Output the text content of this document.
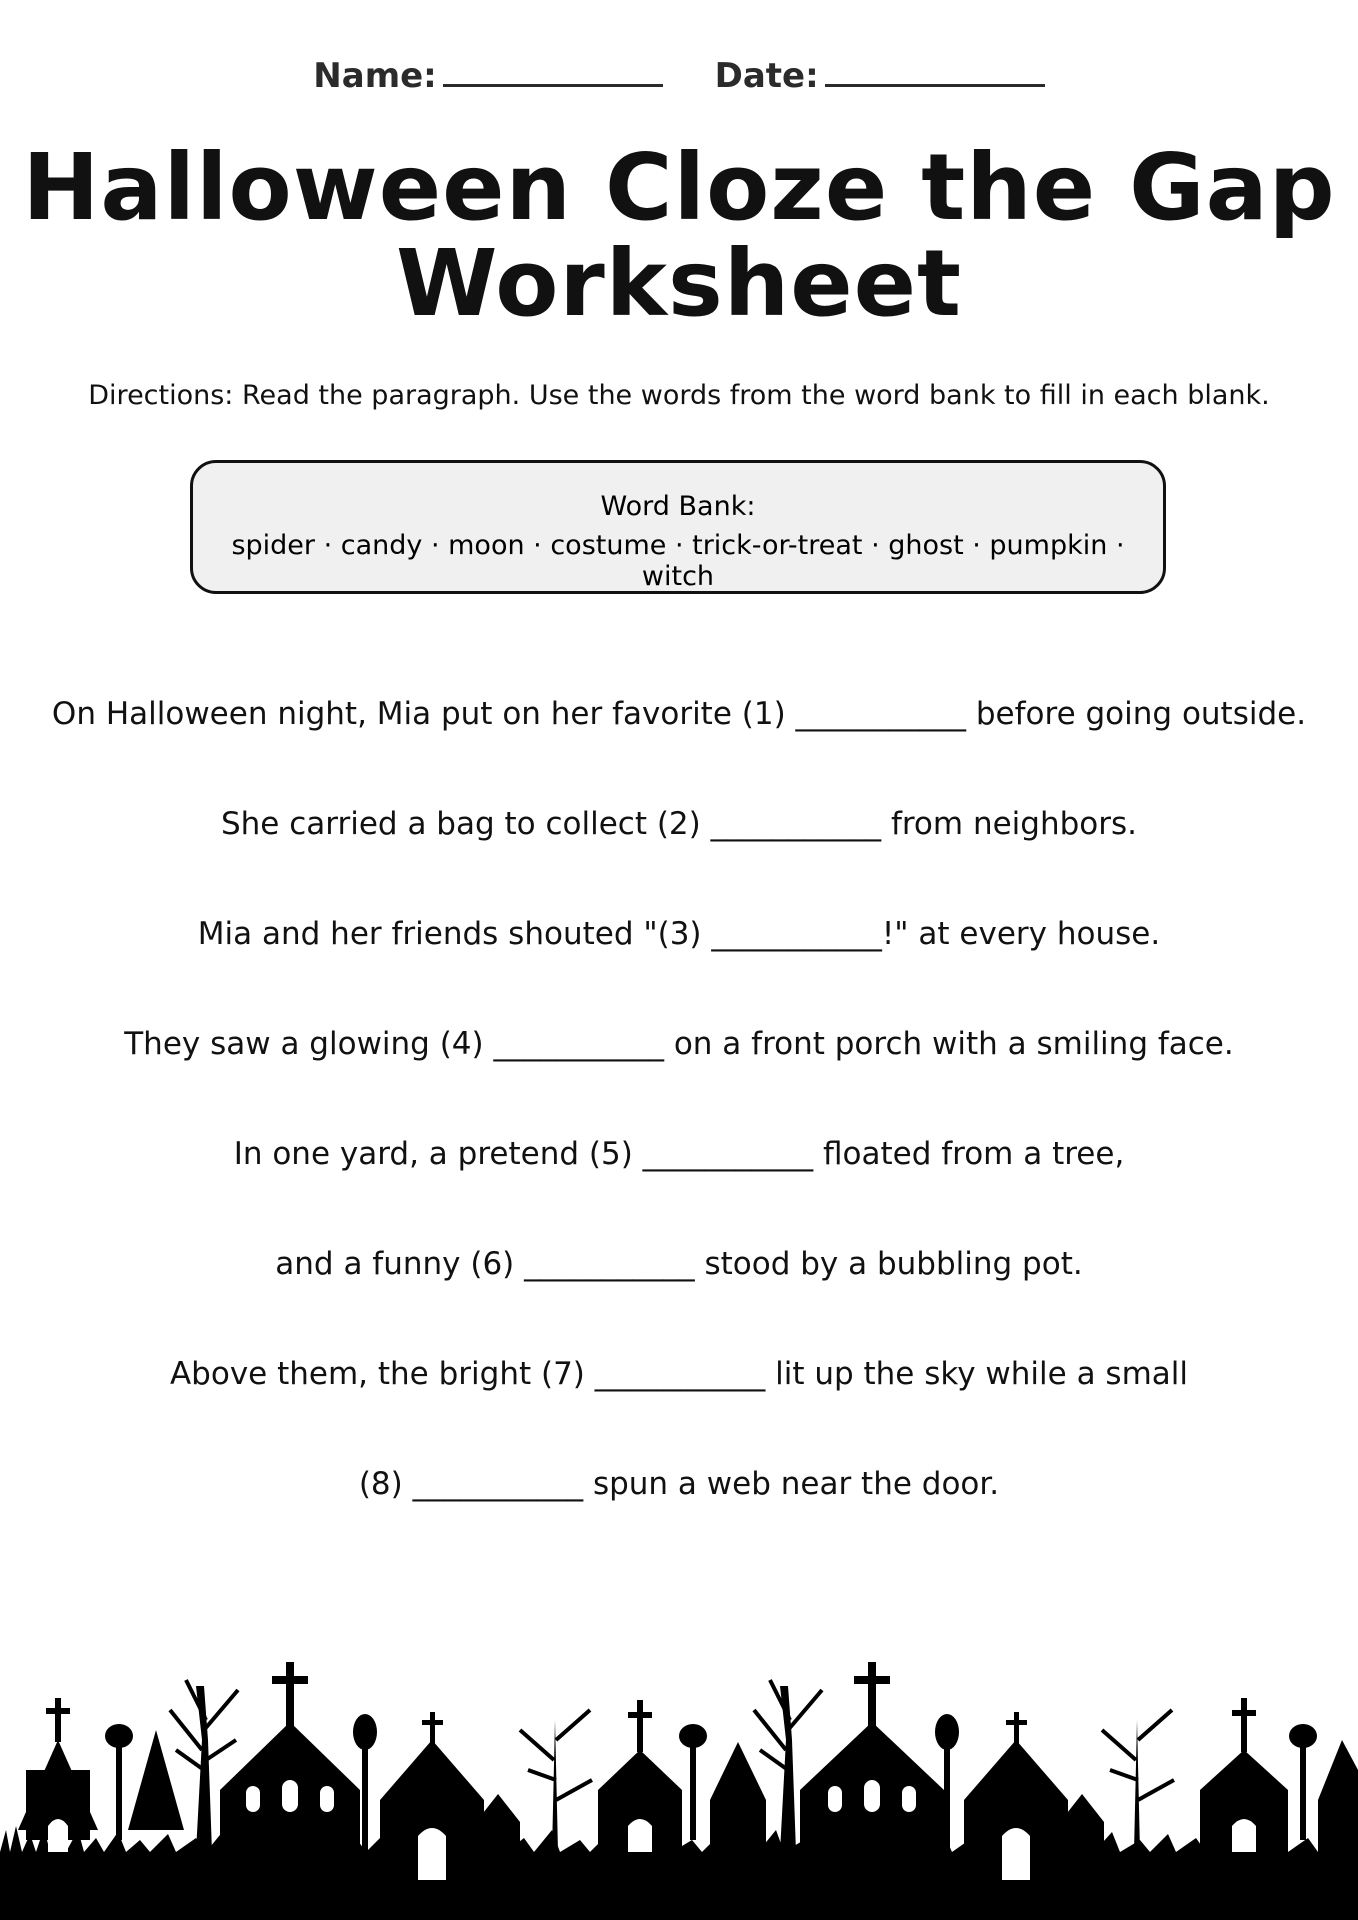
Name:	Date:
Halloween Cloze the Gap
Worksheet
Directions: Read the paragraph. Use the words from the word bank to fill in each blank.
Word Bank:
spider · candy · moon · costume · trick-or-treat · ghost · pumpkin · witch
On Halloween night, Mia put on her favorite (1) ___________ before going outside.
She carried a bag to collect (2) ___________ from neighbors.
Mia and her friends shouted "(3) ___________!" at every house.
They saw a glowing (4) ___________ on a front porch with a smiling face.
In one yard, a pretend (5) ___________ floated from a tree,
and a funny (6) ___________ stood by a bubbling pot.
Above them, the bright (7) ___________ lit up the sky while a small
(8) ___________ spun a web near the door.
